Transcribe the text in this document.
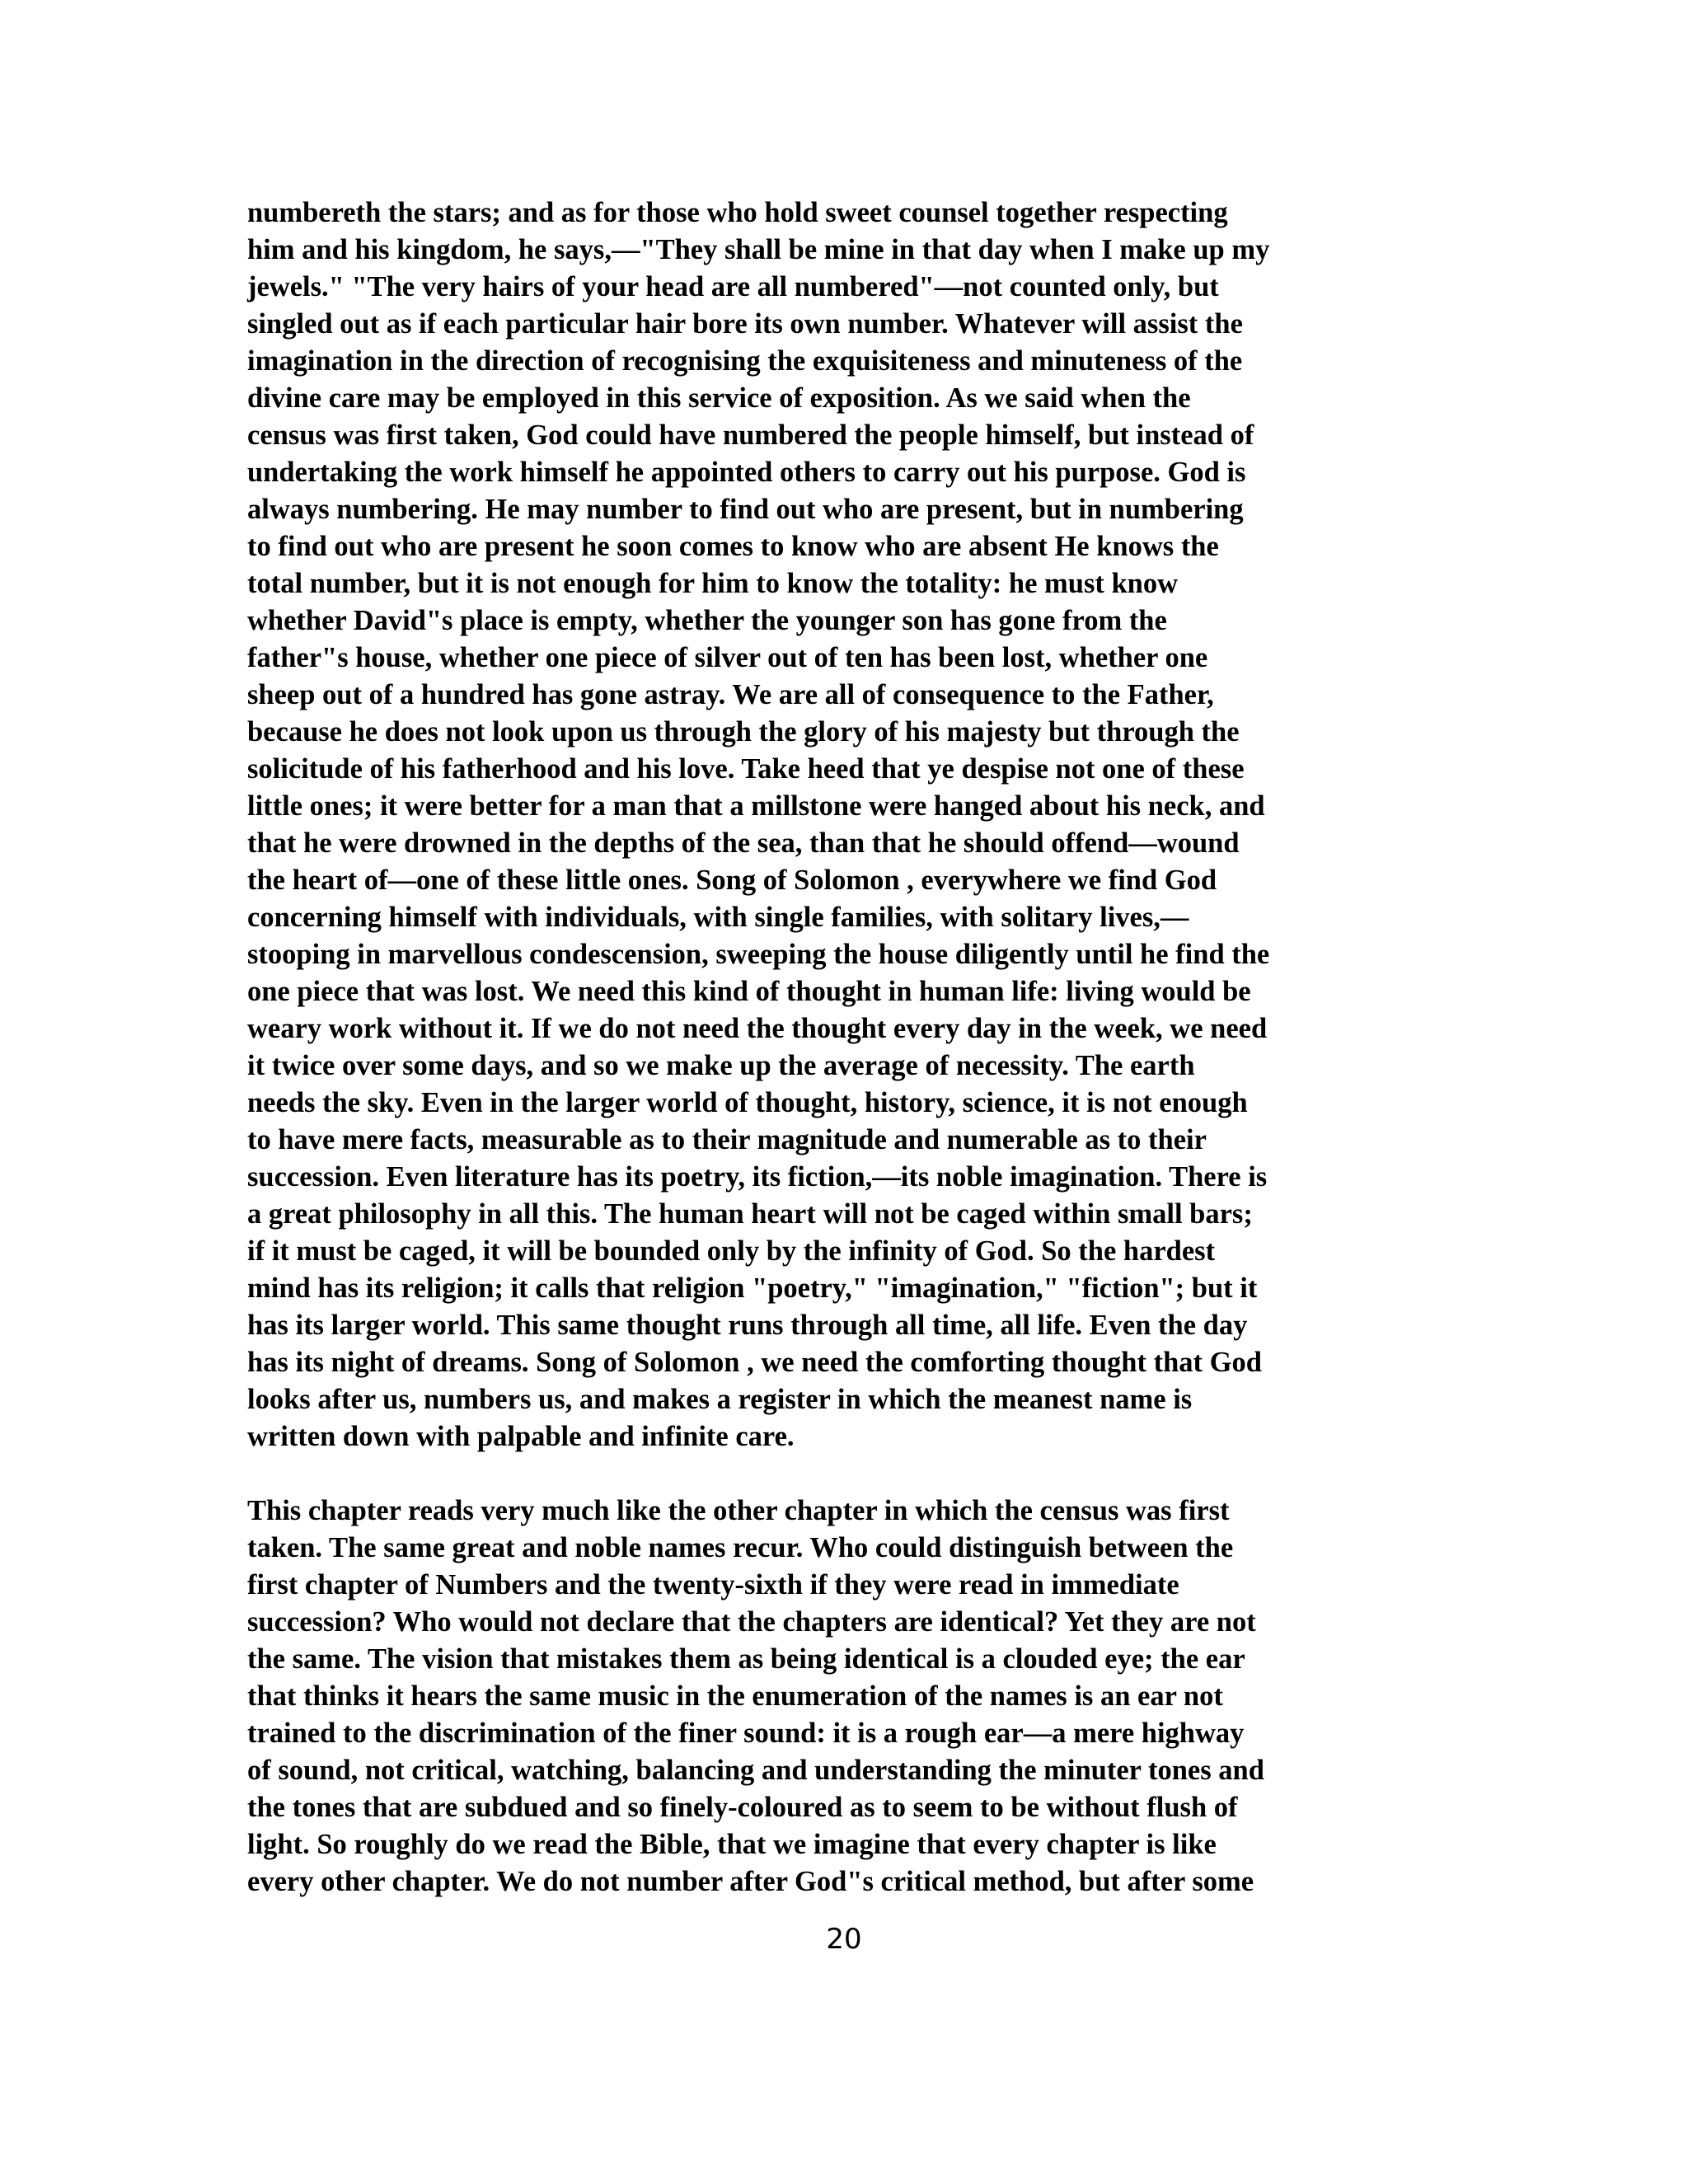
numbereth the stars; and as for those who hold sweet counsel together respecting
him and his kingdom, he says,—"They shall be mine in that day when I make up my
jewels." "The very hairs of your head are all numbered"—not counted only, but
singled out as if each particular hair bore its own number. Whatever will assist the
imagination in the direction of recognising the exquisiteness and minuteness of the
divine care may be employed in this service of exposition. As we said when the
census was first taken, God could have numbered the people himself, but instead of
undertaking the work himself he appointed others to carry out his purpose. God is
always numbering. He may number to find out who are present, but in numbering
to find out who are present he soon comes to know who are absent He knows the
total number, but it is not enough for him to know the totality: he must know
whether David"s place is empty, whether the younger son has gone from the
father"s house, whether one piece of silver out of ten has been lost, whether one
sheep out of a hundred has gone astray. We are all of consequence to the Father,
because he does not look upon us through the glory of his majesty but through the
solicitude of his fatherhood and his love. Take heed that ye despise not one of these
little ones; it were better for a man that a millstone were hanged about his neck, and
that he were drowned in the depths of the sea, than that he should offend—wound
the heart of—one of these little ones. Song of Solomon , everywhere we find God
concerning himself with individuals, with single families, with solitary lives,—
stooping in marvellous condescension, sweeping the house diligently until he find the
one piece that was lost. We need this kind of thought in human life: living would be
weary work without it. If we do not need the thought every day in the week, we need
it twice over some days, and so we make up the average of necessity. The earth
needs the sky. Even in the larger world of thought, history, science, it is not enough
to have mere facts, measurable as to their magnitude and numerable as to their
succession. Even literature has its poetry, its fiction,—its noble imagination. There is
a great philosophy in all this. The human heart will not be caged within small bars;
if it must be caged, it will be bounded only by the infinity of God. So the hardest
mind has its religion; it calls that religion "poetry," "imagination," "fiction"; but it
has its larger world. This same thought runs through all time, all life. Even the day
has its night of dreams. Song of Solomon , we need the comforting thought that God
looks after us, numbers us, and makes a register in which the meanest name is
written down with palpable and infinite care.
This chapter reads very much like the other chapter in which the census was first
taken. The same great and noble names recur. Who could distinguish between the
first chapter of Numbers and the twenty-sixth if they were read in immediate
succession? Who would not declare that the chapters are identical? Yet they are not
the same. The vision that mistakes them as being identical is a clouded eye; the ear
that thinks it hears the same music in the enumeration of the names is an ear not
trained to the discrimination of the finer sound: it is a rough ear—a mere highway
of sound, not critical, watching, balancing and understanding the minuter tones and
the tones that are subdued and so finely-coloured as to seem to be without flush of
light. So roughly do we read the Bible, that we imagine that every chapter is like
every other chapter. We do not number after God"s critical method, but after some
20
